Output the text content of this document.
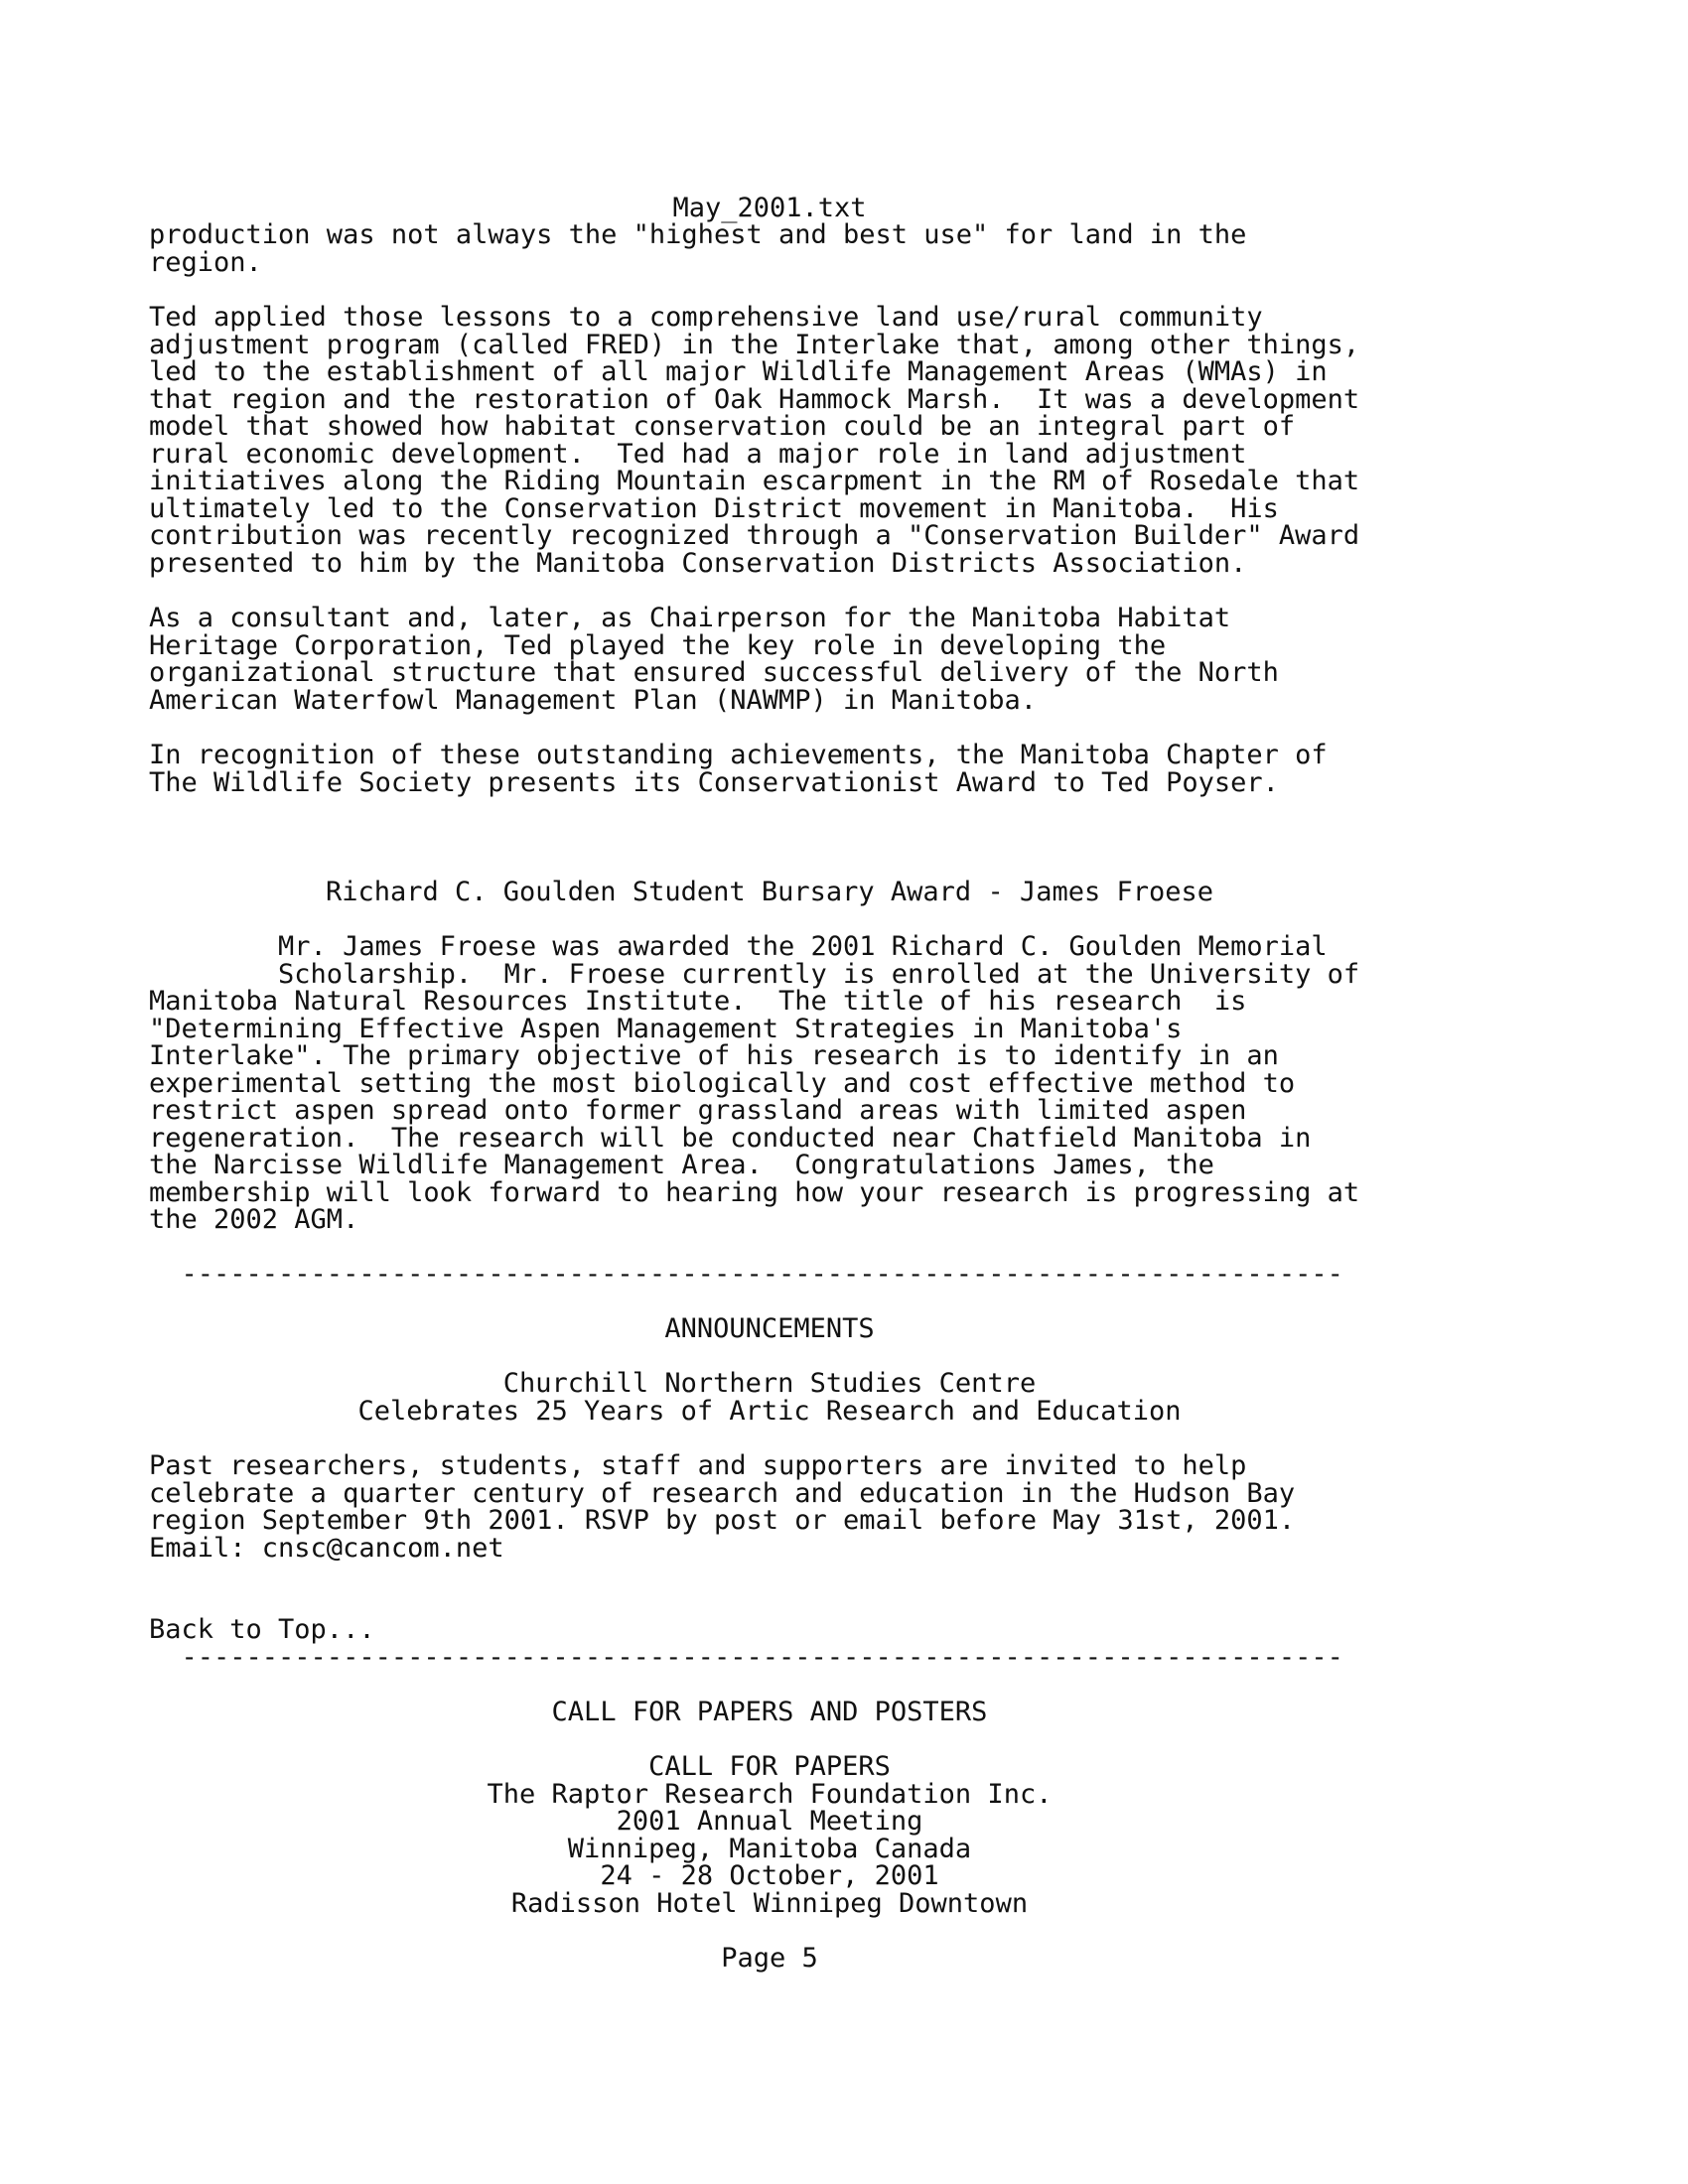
May_2001.txt
production was not always the "highest and best use" for land in the
region.
Ted applied those lessons to a comprehensive land use/rural community
adjustment program (called FRED) in the Interlake that, among other things,
led to the establishment of all major Wildlife Management Areas (WMAs) in
that region and the restoration of Oak Hammock Marsh.  It was a development
model that showed how habitat conservation could be an integral part of
rural economic development.  Ted had a major role in land adjustment
initiatives along the Riding Mountain escarpment in the RM of Rosedale that
ultimately led to the Conservation District movement in Manitoba.  His
contribution was recently recognized through a "Conservation Builder" Award
presented to him by the Manitoba Conservation Districts Association.
As a consultant and, later, as Chairperson for the Manitoba Habitat
Heritage Corporation, Ted played the key role in developing the
organizational structure that ensured successful delivery of the North
American Waterfowl Management Plan (NAWMP) in Manitoba.
In recognition of these outstanding achievements, the Manitoba Chapter of
The Wildlife Society presents its Conservationist Award to Ted Poyser.
Richard C. Goulden Student Bursary Award - James Froese
Mr. James Froese was awarded the 2001 Richard C. Goulden Memorial
Scholarship.  Mr. Froese currently is enrolled at the University of
Manitoba Natural Resources Institute.  The title of his research  is
"Determining Effective Aspen Management Strategies in Manitoba's
Interlake". The primary objective of his research is to identify in an
experimental setting the most biologically and cost effective method to
restrict aspen spread onto former grassland areas with limited aspen
regeneration.  The research will be conducted near Chatfield Manitoba in
the Narcisse Wildlife Management Area.  Congratulations James, the
membership will look forward to hearing how your research is progressing at
the 2002 AGM.
------------------------------------------------------------------------
ANNOUNCEMENTS
Churchill Northern Studies Centre
Celebrates 25 Years of Artic Research and Education
Past researchers, students, staff and supporters are invited to help
celebrate a quarter century of research and education in the Hudson Bay
region September 9th 2001. RSVP by post or email before May 31st, 2001.
Email: cnsc@cancom.net
Back to Top...
------------------------------------------------------------------------
CALL FOR PAPERS AND POSTERS
CALL FOR PAPERS
The Raptor Research Foundation Inc.
2001 Annual Meeting
Winnipeg, Manitoba Canada
24 - 28 October, 2001
Radisson Hotel Winnipeg Downtown
Page 5
